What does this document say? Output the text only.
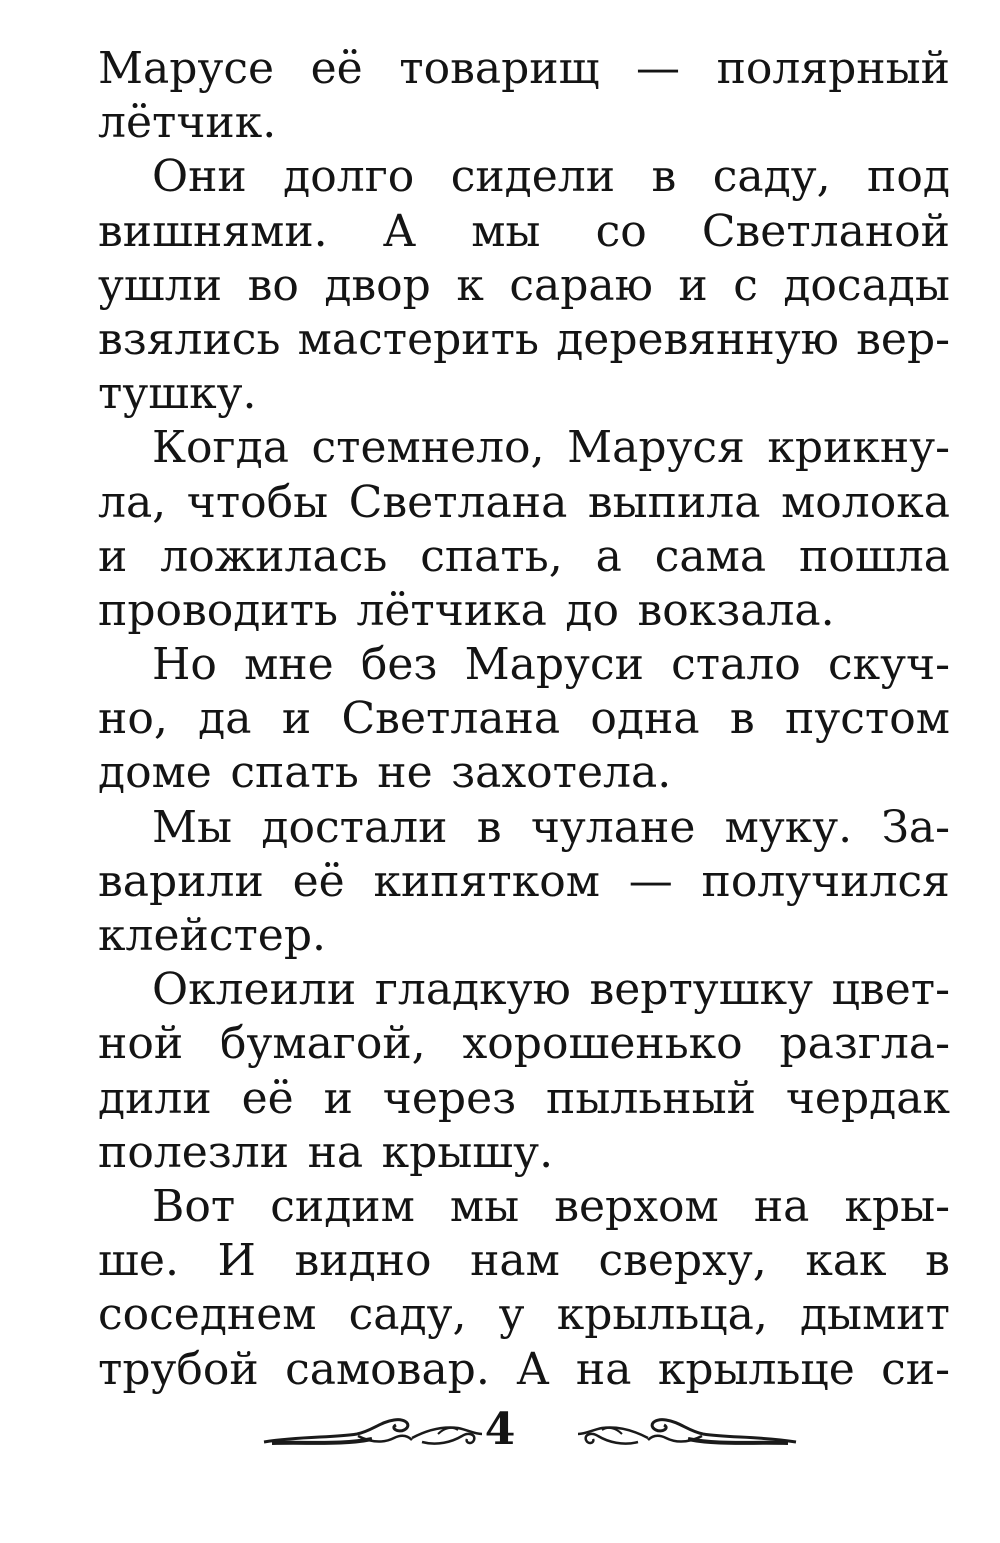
Марусе её товарищ — полярный
лётчик.
Они долго сидели в саду, под
вишнями. А мы со Светланой
ушли во двор к сараю и с досады
взялись мастерить деревянную вер-
тушку.
Когда стемнело, Маруся крикну-
ла, чтобы Светлана выпила молока
и ложилась спать, а сама пошла
проводить лётчика до вокзала.
Но мне без Маруси стало скуч-
но, да и Светлана одна в пустом
доме спать не захотела.
Мы достали в чулане муку. За-
варили её кипятком — получился
клейстер.
Оклеили гладкую вертушку цвет-
ной бумагой, хорошенько разгла-
дили её и через пыльный чердак
полезли на крышу.
Вот сидим мы верхом на кры-
ше. И видно нам сверху, как в
соседнем саду, у крыльца, дымит
трубой самовар. А на крыльце си-
4
